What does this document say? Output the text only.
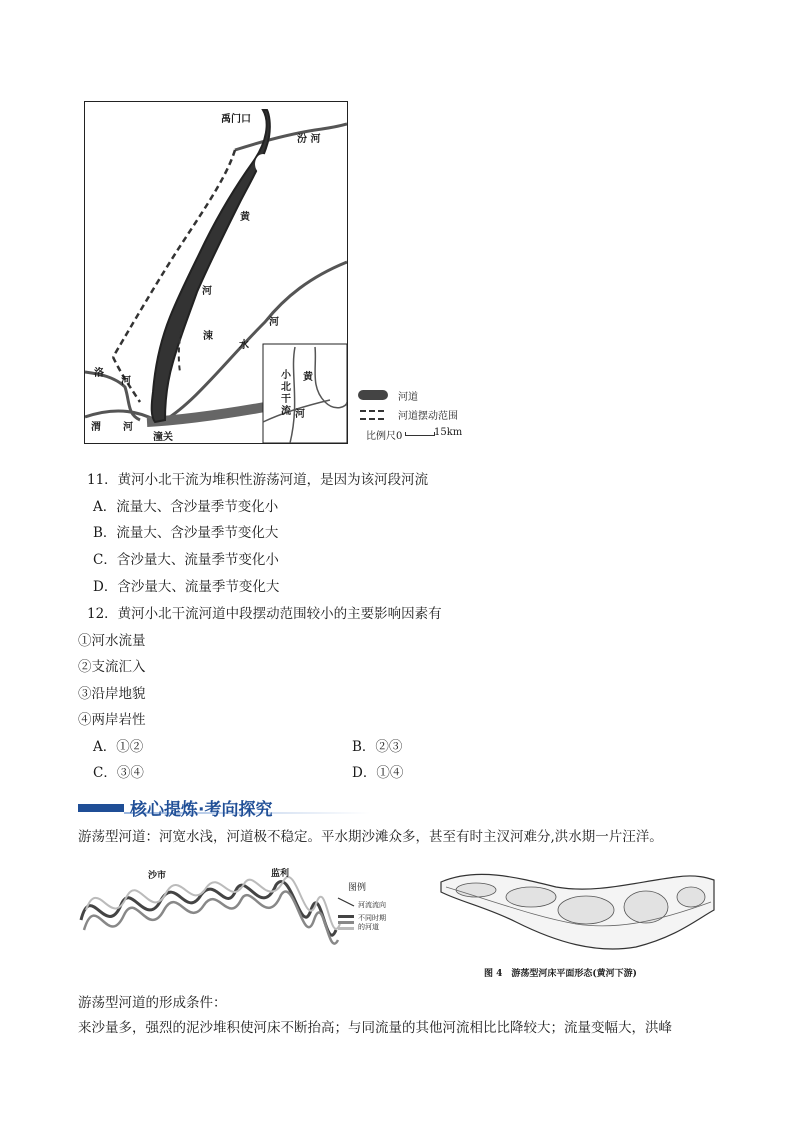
禹门口
汾 河
黄
河
河
涑
水
洛
河
渭 河
潼关
小北干流
黄
河
河道
河道摆动范围
比例尺0	15km
11．黄河小北干流为堆积性游荡河道，是因为该河段河流
A．流量大、含沙量季节变化小
B．流量大、含沙量季节变化大
C．含沙量大、流量季节变化小
D．含沙量大、流量季节变化大
12．黄河小北干流河道中段摆动范围较小的主要影响因素有
①河水流量
②支流汇入
③沿岸地貌
④两岸岩性
A．①②	B．②③
C．③④	D．①④
核心提炼·考向探究
游荡型河道：河宽水浅，河道极不稳定。平水期沙滩众多，甚至有时主汊河难分,洪水期一片汪洋。
沙市	监利
图例
河流流向
不同时期的河道
图 4　游荡型河床平面形态(黄河下游)
游荡型河道的形成条件：
来沙量多，强烈的泥沙堆积使河床不断抬高；与同流量的其他河流相比比降较大；流量变幅大，洪峰
